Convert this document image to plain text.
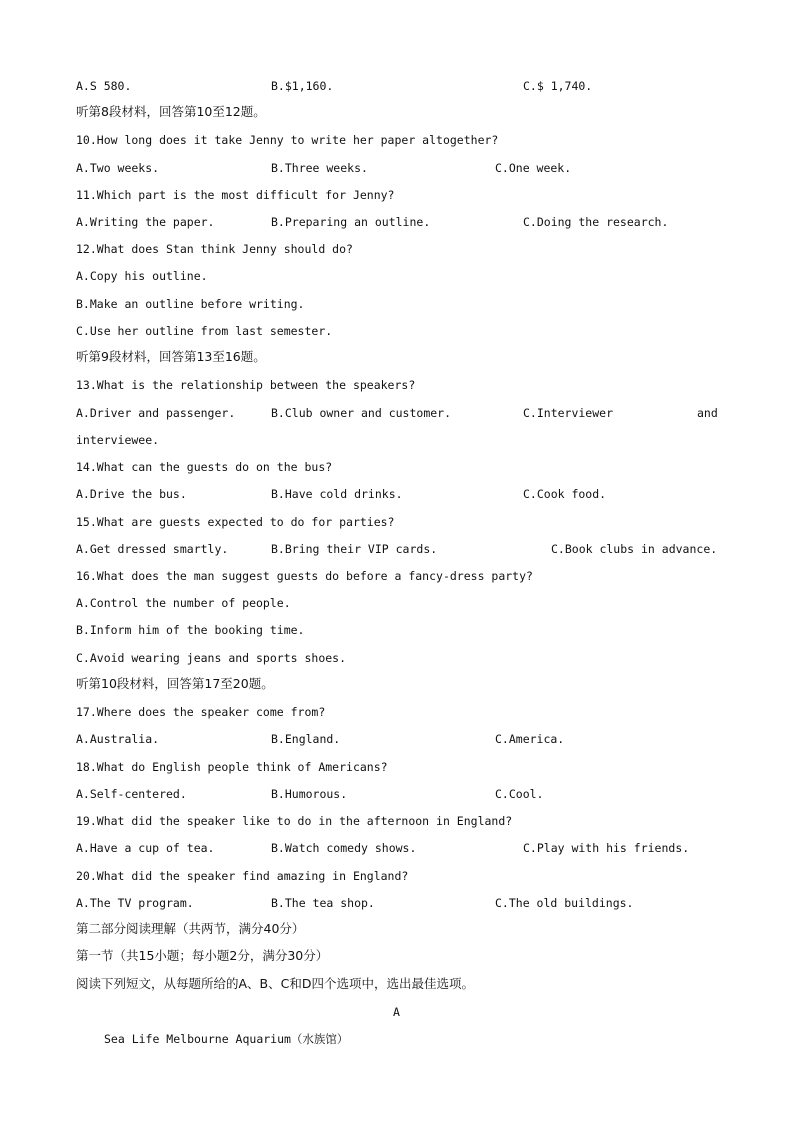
A.S 580.	B.$1,160.	C.$ 1,740.
听第8段材料，回答第10至12题。
10.How long does it take Jenny to write her paper altogether?
A.Two weeks.	B.Three weeks.	C.One week.
11.Which part is the most difficult for Jenny?
A.Writing the paper.	B.Preparing an outline.	C.Doing the research.
12.What does Stan think Jenny should do?
A.Copy his outline.
B.Make an outline before writing.
C.Use her outline from last semester.
听第9段材料，回答第13至16题。
13.What is the relationship between the speakers?
A.Driver and passenger.	B.Club owner and customer.	C.Interviewer	and
interviewee.
14.What can the guests do on the bus?
A.Drive the bus.	B.Have cold drinks.	C.Cook food.
15.What are guests expected to do for parties?
A.Get dressed smartly.	B.Bring their VIP cards.	C.Book clubs in advance.
16.What does the man suggest guests do before a fancy-dress party?
A.Control the number of people.
B.Inform him of the booking time.
C.Avoid wearing jeans and sports shoes.
听第10段材料，回答第17至20题。
17.Where does the speaker come from?
A.Australia.	B.England.	C.America.
18.What do English people think of Americans?
A.Self-centered.	B.Humorous.	C.Cool.
19.What did the speaker like to do in the afternoon in England?
A.Have a cup of tea.	B.Watch comedy shows.	C.Play with his friends.
20.What did the speaker find amazing in England?
A.The TV program.	B.The tea shop.	C.The old buildings.
第二部分阅读理解（共两节，满分40分）
第一节（共15小题；每小题2分，满分30分）
阅读下列短文，从每题所给的A、B、C和D四个选项中，选出最佳选项。
A
Sea Life Melbourne Aquarium（水族馆）
